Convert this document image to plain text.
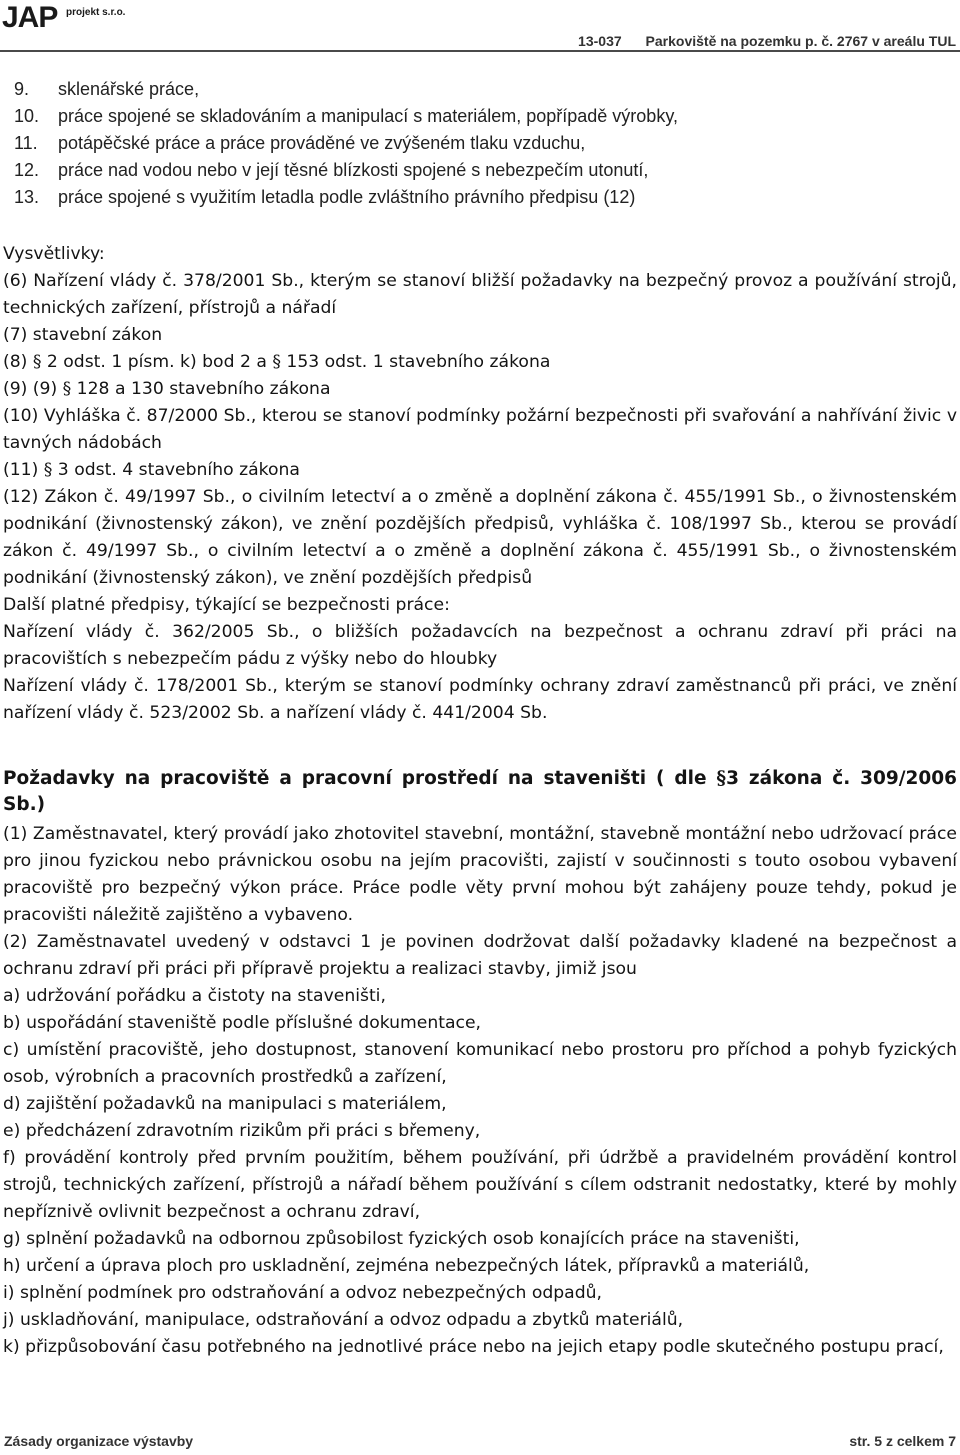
JAP projekt s.r.o.
13-037 Parkoviště na pozemku p. č. 2767 v areálu TUL
9. sklenářské práce,
10. práce spojené se skladováním a manipulací s materiálem, popřípadě výrobky,
11. potápěčské práce a práce prováděné ve zvýšeném tlaku vzduchu,
12. práce nad vodou nebo v její těsné blízkosti spojené s nebezpečím utonutí,
13. práce spojené s využitím letadla podle zvláštního právního předpisu (12)

Vysvětlivky:

(6) Nařízení vlády č. 378/2001 Sb., kterým se stanoví bližší požadavky na bezpečný provoz a používání strojů, technických zařízení, přístrojů a nářadí

(7) stavební zákon

(8) § 2 odst. 1 písm. k) bod 2 a § 153 odst. 1 stavebního zákona

(9) (9) § 128 a 130 stavebního zákona

(10) Vyhláška č. 87/2000 Sb., kterou se stanoví podmínky požární bezpečnosti při svařování a nahřívání živic v tavných nádobách

(11) § 3 odst. 4 stavebního zákona

(12) Zákon č. 49/1997 Sb., o civilním letectví a o změně a doplnění zákona č. 455/1991 Sb., o živnostenském podnikání (živnostenský zákon), ve znění pozdějších předpisů, vyhláška č. 108/1997 Sb., kterou se provádí zákon č. 49/1997 Sb., o civilním letectví a o změně a doplnění zákona č. 455/1991 Sb., o živnostenském podnikání (živnostenský zákon), ve znění pozdějších předpisů

Další platné předpisy, týkající se bezpečnosti práce:

Nařízení vlády č. 362/2005 Sb., o bližších požadavcích na bezpečnost a ochranu zdraví při práci na pracovištích s nebezpečím pádu z výšky nebo do hloubky

Nařízení vlády č. 178/2001 Sb., kterým se stanoví podmínky ochrany zdraví zaměstnanců při práci, ve znění nařízení vlády č. 523/2002 Sb. a nařízení vlády č. 441/2004 Sb.

Požadavky na pracoviště a pracovní prostředí na staveništi ( dle §3 zákona č. 309/2006 Sb.)

(1) Zaměstnavatel, který provádí jako zhotovitel stavební, montážní, stavebně montážní nebo udržovací práce pro jinou fyzickou nebo právnickou osobu na jejím pracovišti, zajistí v součinnosti s touto osobou vybavení pracoviště pro bezpečný výkon práce. Práce podle věty první mohou být zahájeny pouze tehdy, pokud je pracovišti náležitě zajištěno a vybaveno.

(2) Zaměstnavatel uvedený v odstavci 1 je povinen dodržovat další požadavky kladené na bezpečnost a ochranu zdraví při práci při přípravě projektu a realizaci stavby, jimiž jsou

a) udržování pořádku a čistoty na staveništi,

b) uspořádání staveniště podle příslušné dokumentace,

c) umístění pracoviště, jeho dostupnost, stanovení komunikací nebo prostoru pro příchod a pohyb fyzických osob, výrobních a pracovních prostředků a zařízení,

d) zajištění požadavků na manipulaci s materiálem,

e) předcházení zdravotním rizikům při práci s břemeny,

f) provádění kontroly před prvním použitím, během používání, při údržbě a pravidelném provádění kontrol strojů, technických zařízení, přístrojů a nářadí během používání s cílem odstranit nedostatky, které by mohly nepříznivě ovlivnit bezpečnost a ochranu zdraví,

g) splnění požadavků na odbornou způsobilost fyzických osob konajících práce na staveništi,

h) určení a úprava ploch pro uskladnění, zejména nebezpečných látek, přípravků a materiálů,

i) splnění podmínek pro odstraňování a odvoz nebezpečných odpadů,

j) uskladňování, manipulace, odstraňování a odvoz odpadu a zbytků materiálů,

k) přizpůsobování času potřebného na jednotlivé práce nebo na jejich etapy podle skutečného postupu prací,

Zásady organizace výstavby	str. 5 z celkem 7
